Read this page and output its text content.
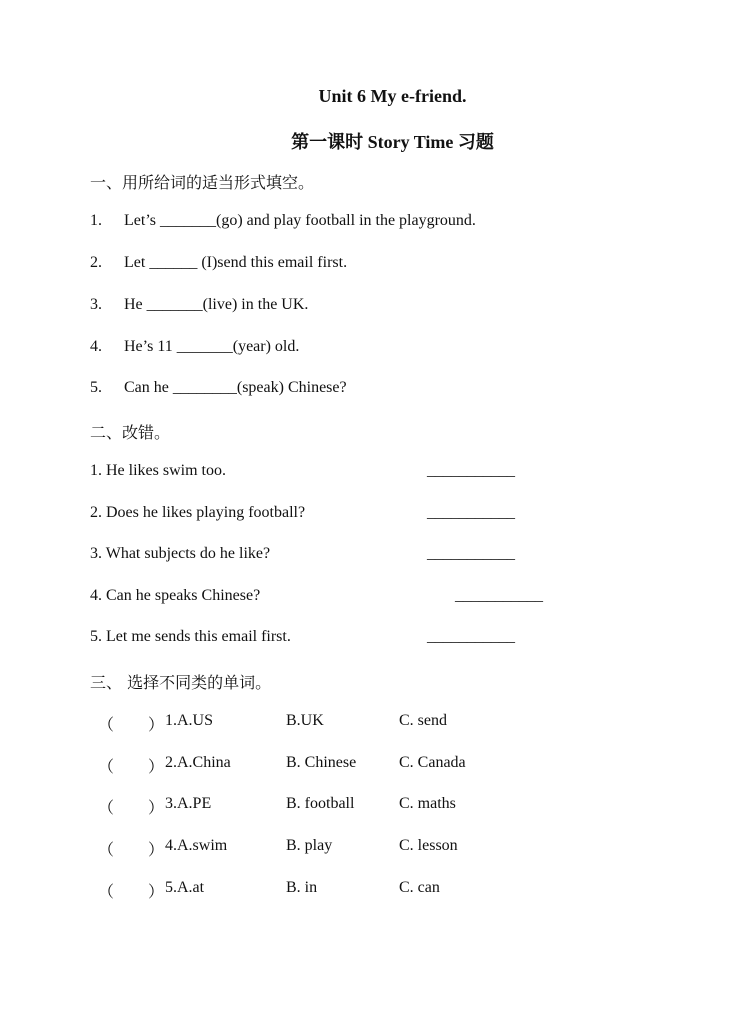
Unit 6 My e-friend.
第一课时 Story Time 习题
一、用所给词的适当形式填空。
1. Let’s _______(go) and play football in the playground.
2. Let ______ (I)send this email first.
3. He _______(live) in the UK.
4. He’s 11 _______(year) old.
5. Can he ________(speak) Chinese?
二、改错。
1. He likes swim too.	___________
2. Does he likes playing football?	___________
3. What subjects do he like?	___________
4. Can he speaks Chinese?	___________
5. Let me sends this email first.	___________
三、 选择不同类的单词。
（ ） 1.A.US	B.UK	C. send
（ ） 2.A.China	B. Chinese	C. Canada
（ ） 3.A.PE	B. football	C. maths
（ ） 4.A.swim	B. play	C. lesson
（ ） 5.A.at	B. in	C. can
